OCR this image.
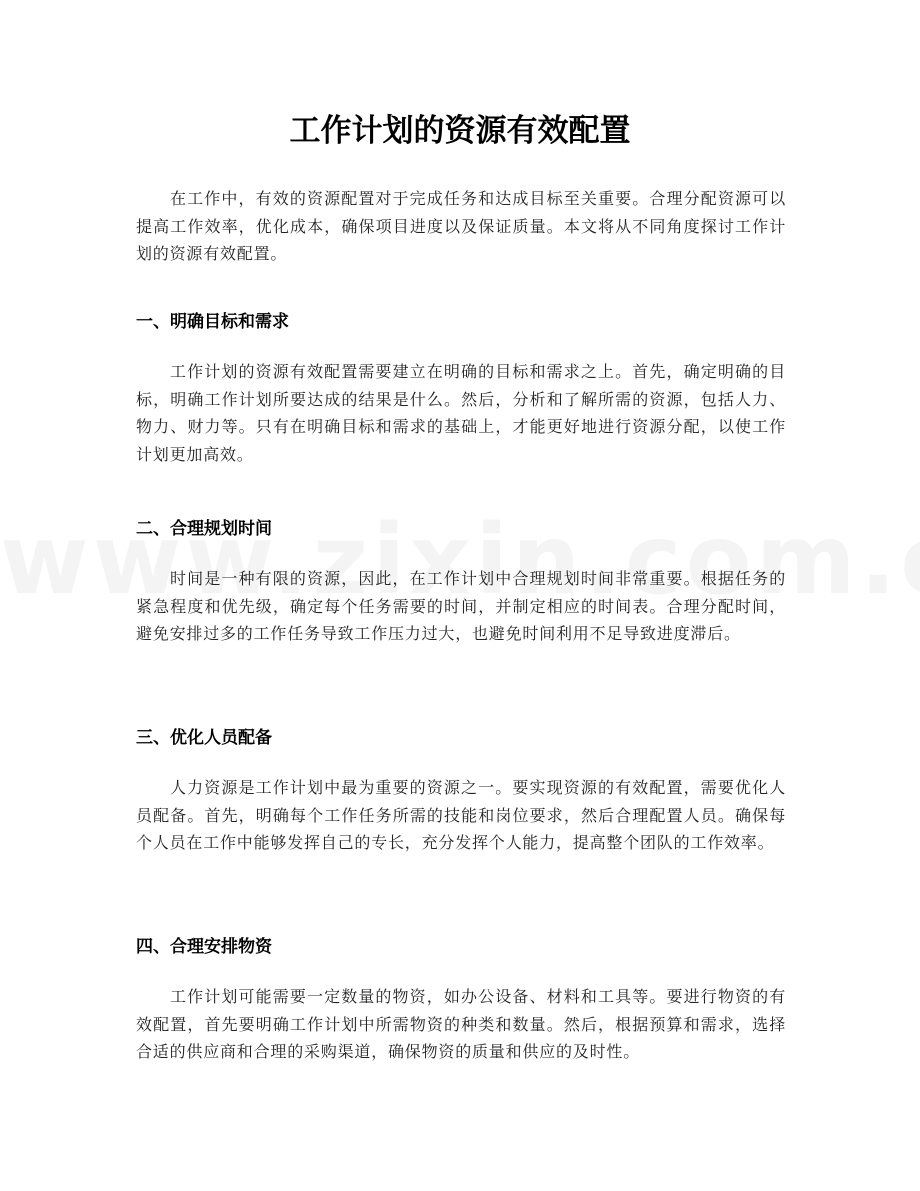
工作计划的资源有效配置

在工作中，有效的资源配置对于完成任务和达成目标至关重要。合理分配资源可以提高工作效率，优化成本，确保项目进度以及保证质量。本文将从不同角度探讨工作计划的资源有效配置。

一、明确目标和需求

工作计划的资源有效配置需要建立在明确的目标和需求之上。首先，确定明确的目标，明确工作计划所要达成的结果是什么。然后，分析和了解所需的资源，包括人力、物力、财力等。只有在明确目标和需求的基础上，才能更好地进行资源分配，以使工作计划更加高效。

二、合理规划时间

时间是一种有限的资源，因此，在工作计划中合理规划时间非常重要。根据任务的紧急程度和优先级，确定每个任务需要的时间，并制定相应的时间表。合理分配时间，避免安排过多的工作任务导致工作压力过大，也避免时间利用不足导致进度滞后。

三、优化人员配备

人力资源是工作计划中最为重要的资源之一。要实现资源的有效配置，需要优化人员配备。首先，明确每个工作任务所需的技能和岗位要求，然后合理配置人员。确保每个人员在工作中能够发挥自己的专长，充分发挥个人能力，提高整个团队的工作效率。

四、合理安排物资

工作计划可能需要一定数量的物资，如办公设备、材料和工具等。要进行物资的有效配置，首先要明确工作计划中所需物资的种类和数量。然后，根据预算和需求，选择合适的供应商和合理的采购渠道，确保物资的质量和供应的及时性。
